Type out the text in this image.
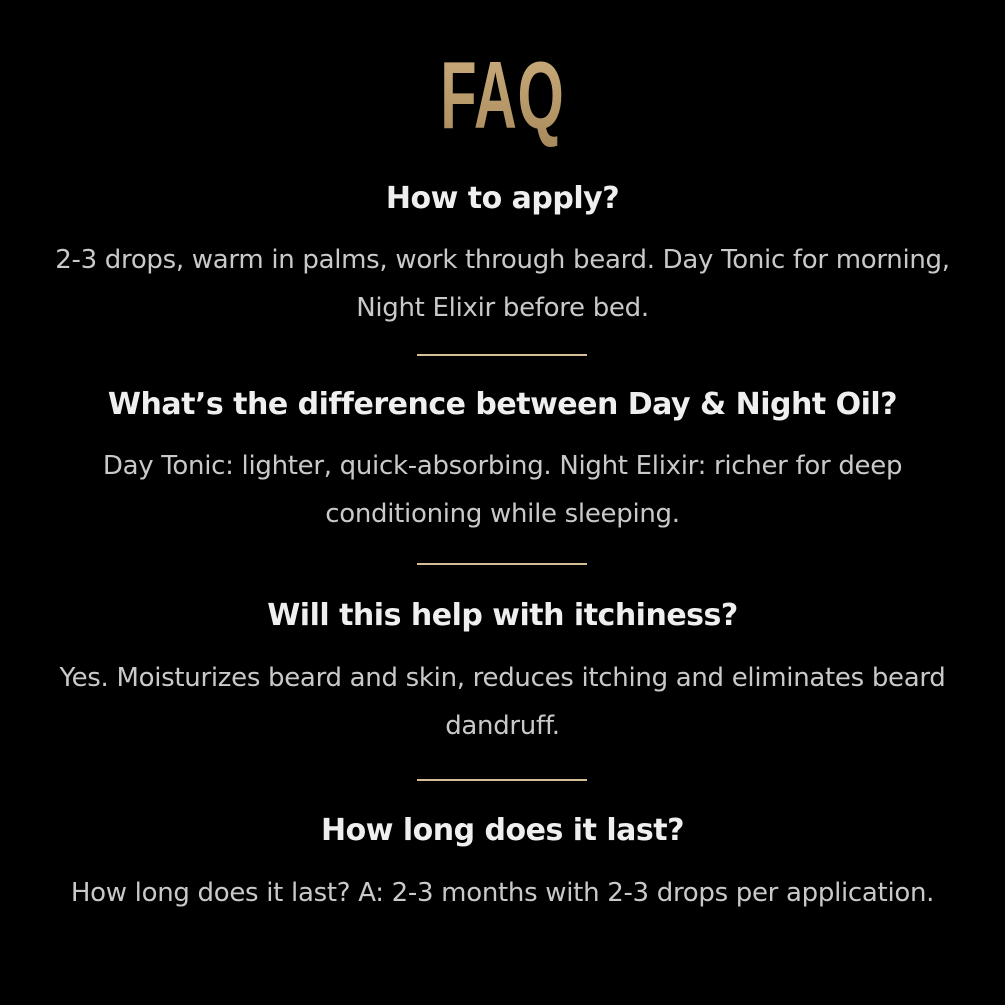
FAQ
How to apply?
2-3 drops, warm in palms, work through beard. Day Tonic for morning, Night Elixir before bed.
What’s the difference between Day & Night Oil?
Day Tonic: lighter, quick-absorbing. Night Elixir: richer for deep conditioning while sleeping.
Will this help with itchiness?
Yes. Moisturizes beard and skin, reduces itching and eliminates beard dandruff.
How long does it last?
How long does it last? A: 2-3 months with 2-3 drops per application.
